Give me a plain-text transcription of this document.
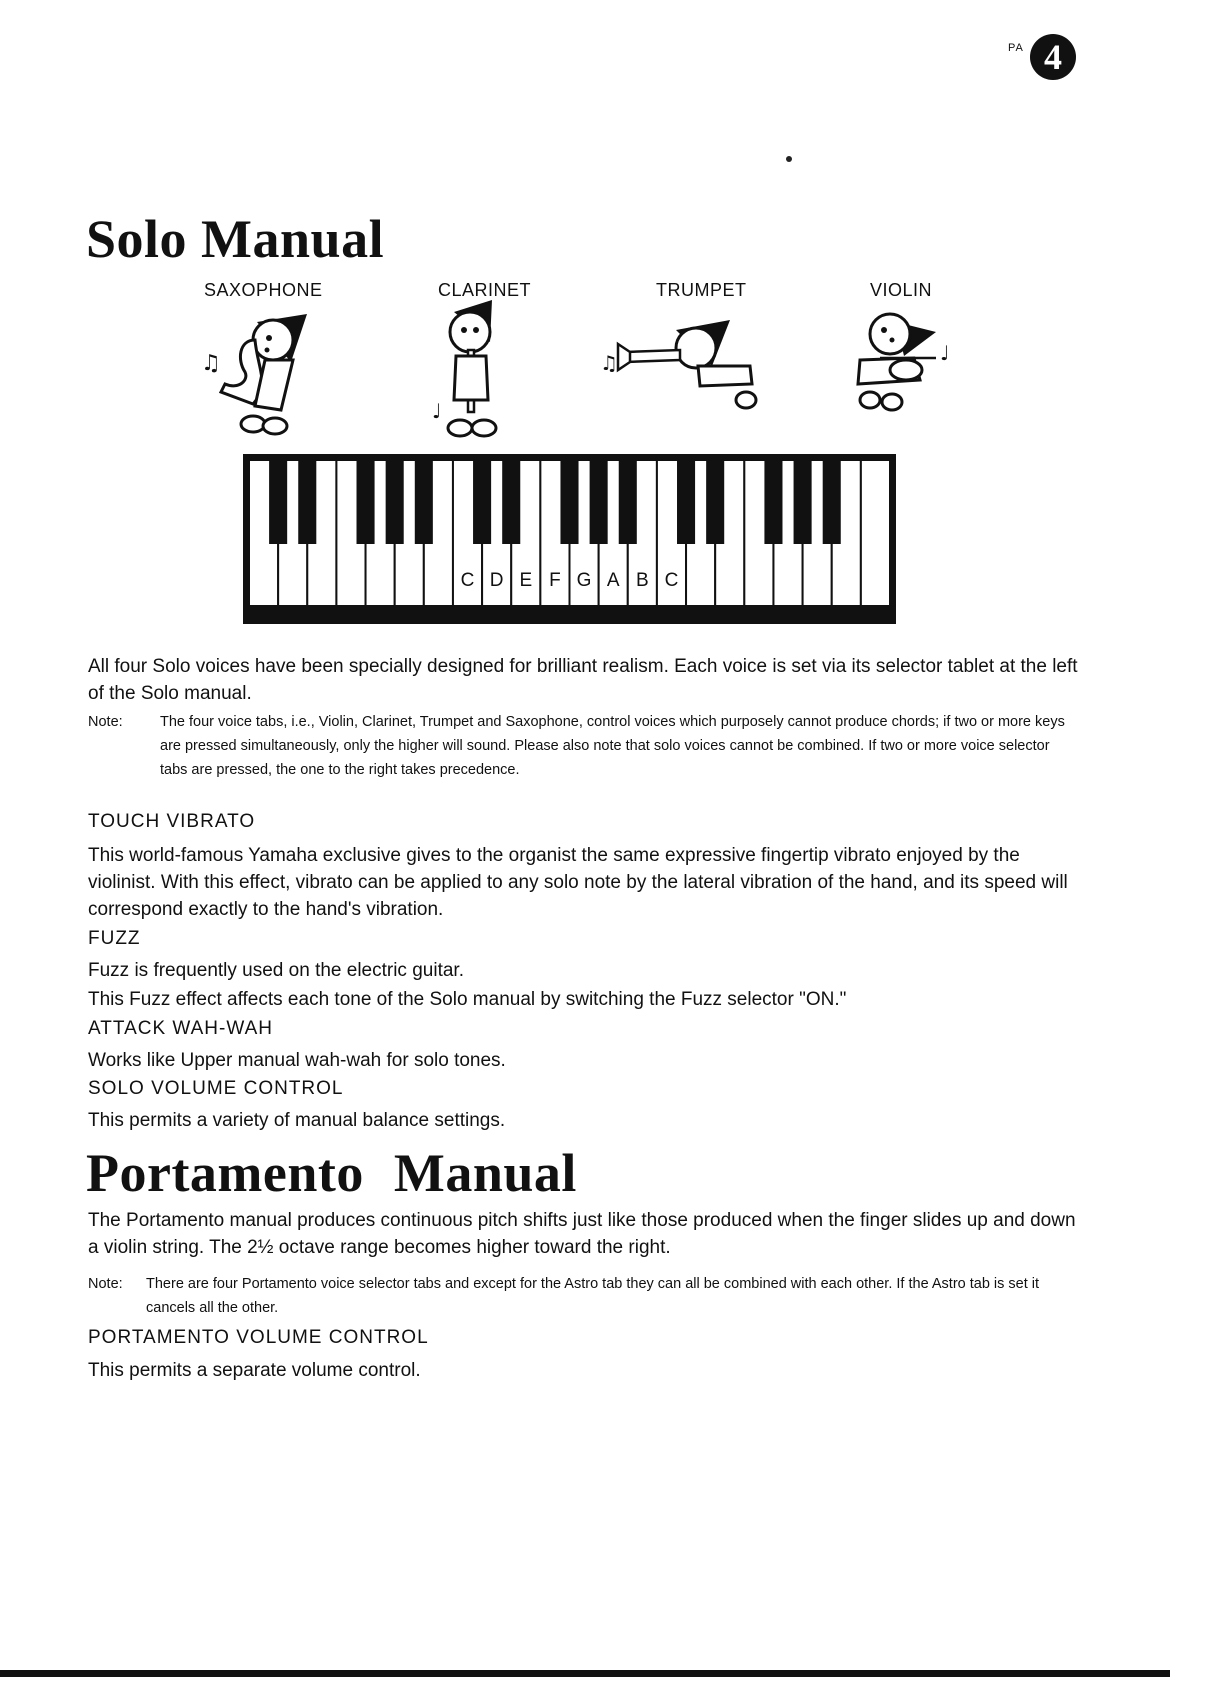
PA 4
Solo Manual
SAXOPHONE	CLARINET	TRUMPET	VIOLIN
♫
♩
♫	♩
C D E F G A B C
All four Solo voices have been specially designed for brilliant realism. Each voice is set via its selector tablet at the left of the Solo manual.
Note:	The four voice tabs, i.e., Violin, Clarinet, Trumpet and Saxophone, control voices which purposely cannot produce chords; if two or more keys are pressed simultaneously, only the higher will sound. Please also note that solo voices cannot be combined. If two or more voice selector tabs are pressed, the one to the right takes precedence.
TOUCH VIBRATO
This world-famous Yamaha exclusive gives to the organist the same expressive fingertip vibrato enjoyed by the violinist. With this effect, vibrato can be applied to any solo note by the lateral vibration of the hand, and its speed will correspond exactly to the hand's vibration.
FUZZ
Fuzz is frequently used on the electric guitar.
This Fuzz effect affects each tone of the Solo manual by switching the Fuzz selector "ON."
ATTACK WAH-WAH
Works like Upper manual wah-wah for solo tones.
SOLO VOLUME CONTROL
This permits a variety of manual balance settings.
Portamento Manual
The Portamento manual produces continuous pitch shifts just like those produced when the finger slides up and down a violin string. The 2½ octave range becomes higher toward the right.
Note: There are four Portamento voice selector tabs and except for the Astro tab they can all be combined with each other. If the Astro tab is set it cancels all the other.
PORTAMENTO VOLUME CONTROL
This permits a separate volume control.
